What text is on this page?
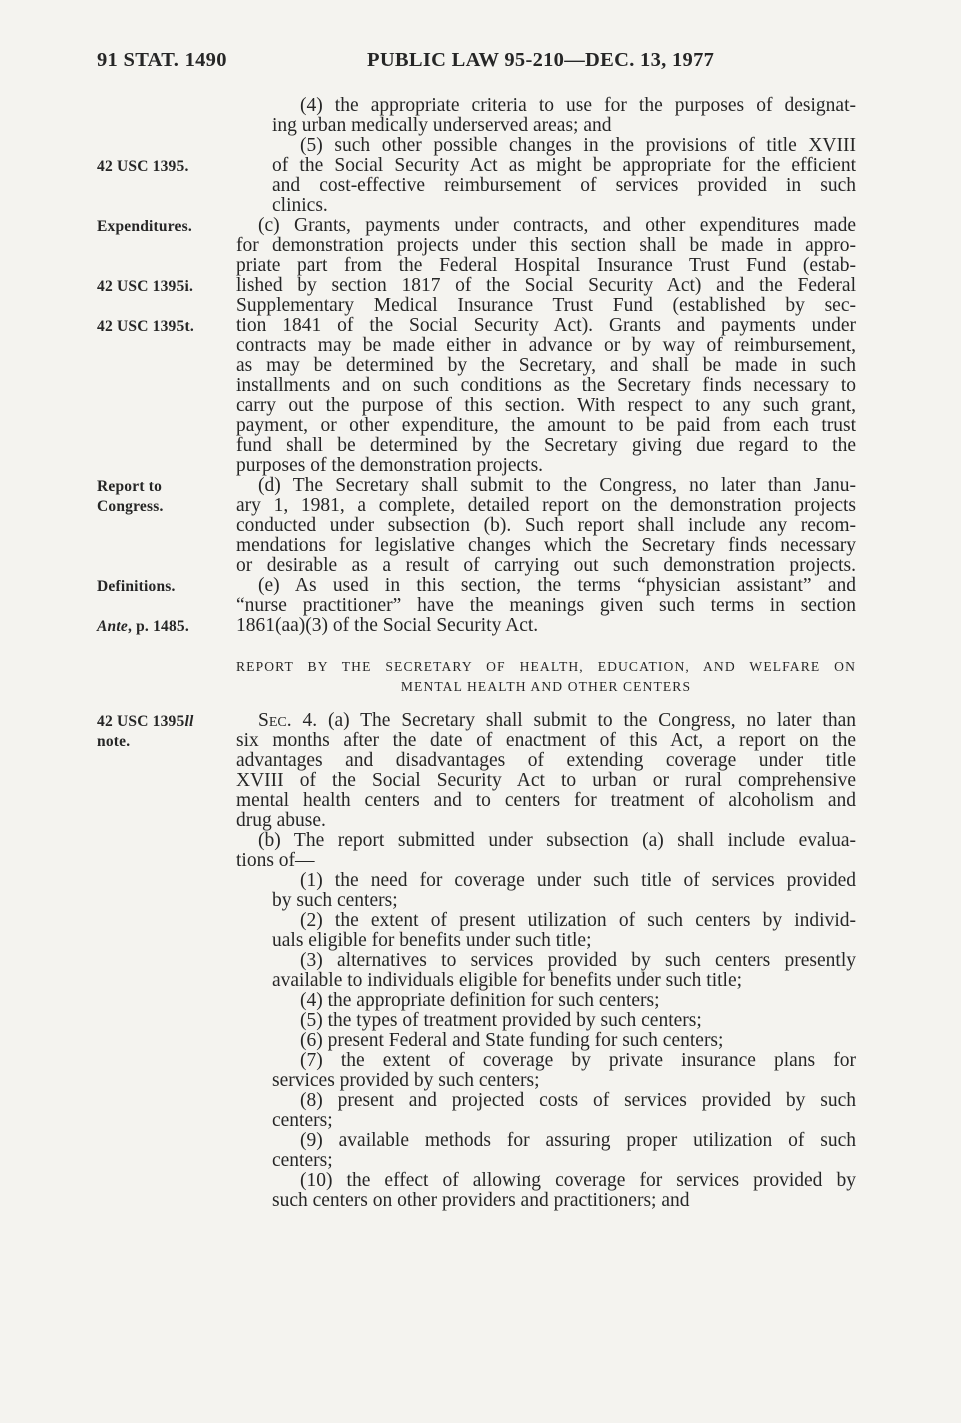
91 STAT. 1490	PUBLIC LAW 95-210—DEC. 13, 1977
(4) the appropriate criteria to use for the purposes of designat-
ing urban medically underserved areas; and
(5) such other possible changes in the provisions of title XVIII
42 USC 1395.	of the Social Security Act as might be appropriate for the efficient
and cost-effective reimbursement of services provided in such
clinics.
Expenditures.	(c) Grants, payments under contracts, and other expenditures made
for demonstration projects under this section shall be made in appro-
priate part from the Federal Hospital Insurance Trust Fund (estab-
42 USC 1395i. lished by section 1817 of the Social Security Act) and the Federal
Supplementary Medical Insurance Trust Fund (established by sec-
42 USC 1395t. tion 1841 of the Social Security Act). Grants and payments under
contracts may be made either in advance or by way of reimbursement,
as may be determined by the Secretary, and shall be made in such
installments and on such conditions as the Secretary finds necessary to
carry out the purpose of this section. With respect to any such grant,
payment, or other expenditure, the amount to be paid from each trust
fund shall be determined by the Secretary giving due regard to the
purposes of the demonstration projects.
Report to	(d) The Secretary shall submit to the Congress, no later than Janu-
Congress.	ary 1, 1981, a complete, detailed report on the demonstration projects
conducted under subsection (b). Such report shall include any recom-
mendations for legislative changes which the Secretary finds necessary
or desirable as a result of carrying out such demonstration projects.
Definitions.	(e) As used in this section, the terms “physician assistant” and
“nurse practitioner” have the meanings given such terms in section
Ante, p. 1485. 1861(aa)(3) of the Social Security Act.
REPORT BY THE SECRETARY OF HEALTH, EDUCATION, AND WELFARE ON
MENTAL HEALTH AND OTHER CENTERS
42 USC 1395ll	Sec. 4. (a) The Secretary shall submit to the Congress, no later than
note.	six months after the date of enactment of this Act, a report on the
advantages and disadvantages of extending coverage under title
XVIII of the Social Security Act to urban or rural comprehensive
mental health centers and to centers for treatment of alcoholism and
drug abuse.
(b) The report submitted under subsection (a) shall include evalua-
tions of—
(1) the need for coverage under such title of services provided
by such centers;
(2) the extent of present utilization of such centers by individ-
uals eligible for benefits under such title;
(3) alternatives to services provided by such centers presently
available to individuals eligible for benefits under such title;
(4) the appropriate definition for such centers;
(5) the types of treatment provided by such centers;
(6) present Federal and State funding for such centers;
(7) the extent of coverage by private insurance plans for
services provided by such centers;
(8) present and projected costs of services provided by such
centers;
(9) available methods for assuring proper utilization of such
centers;
(10) the effect of allowing coverage for services provided by
such centers on other providers and practitioners; and
